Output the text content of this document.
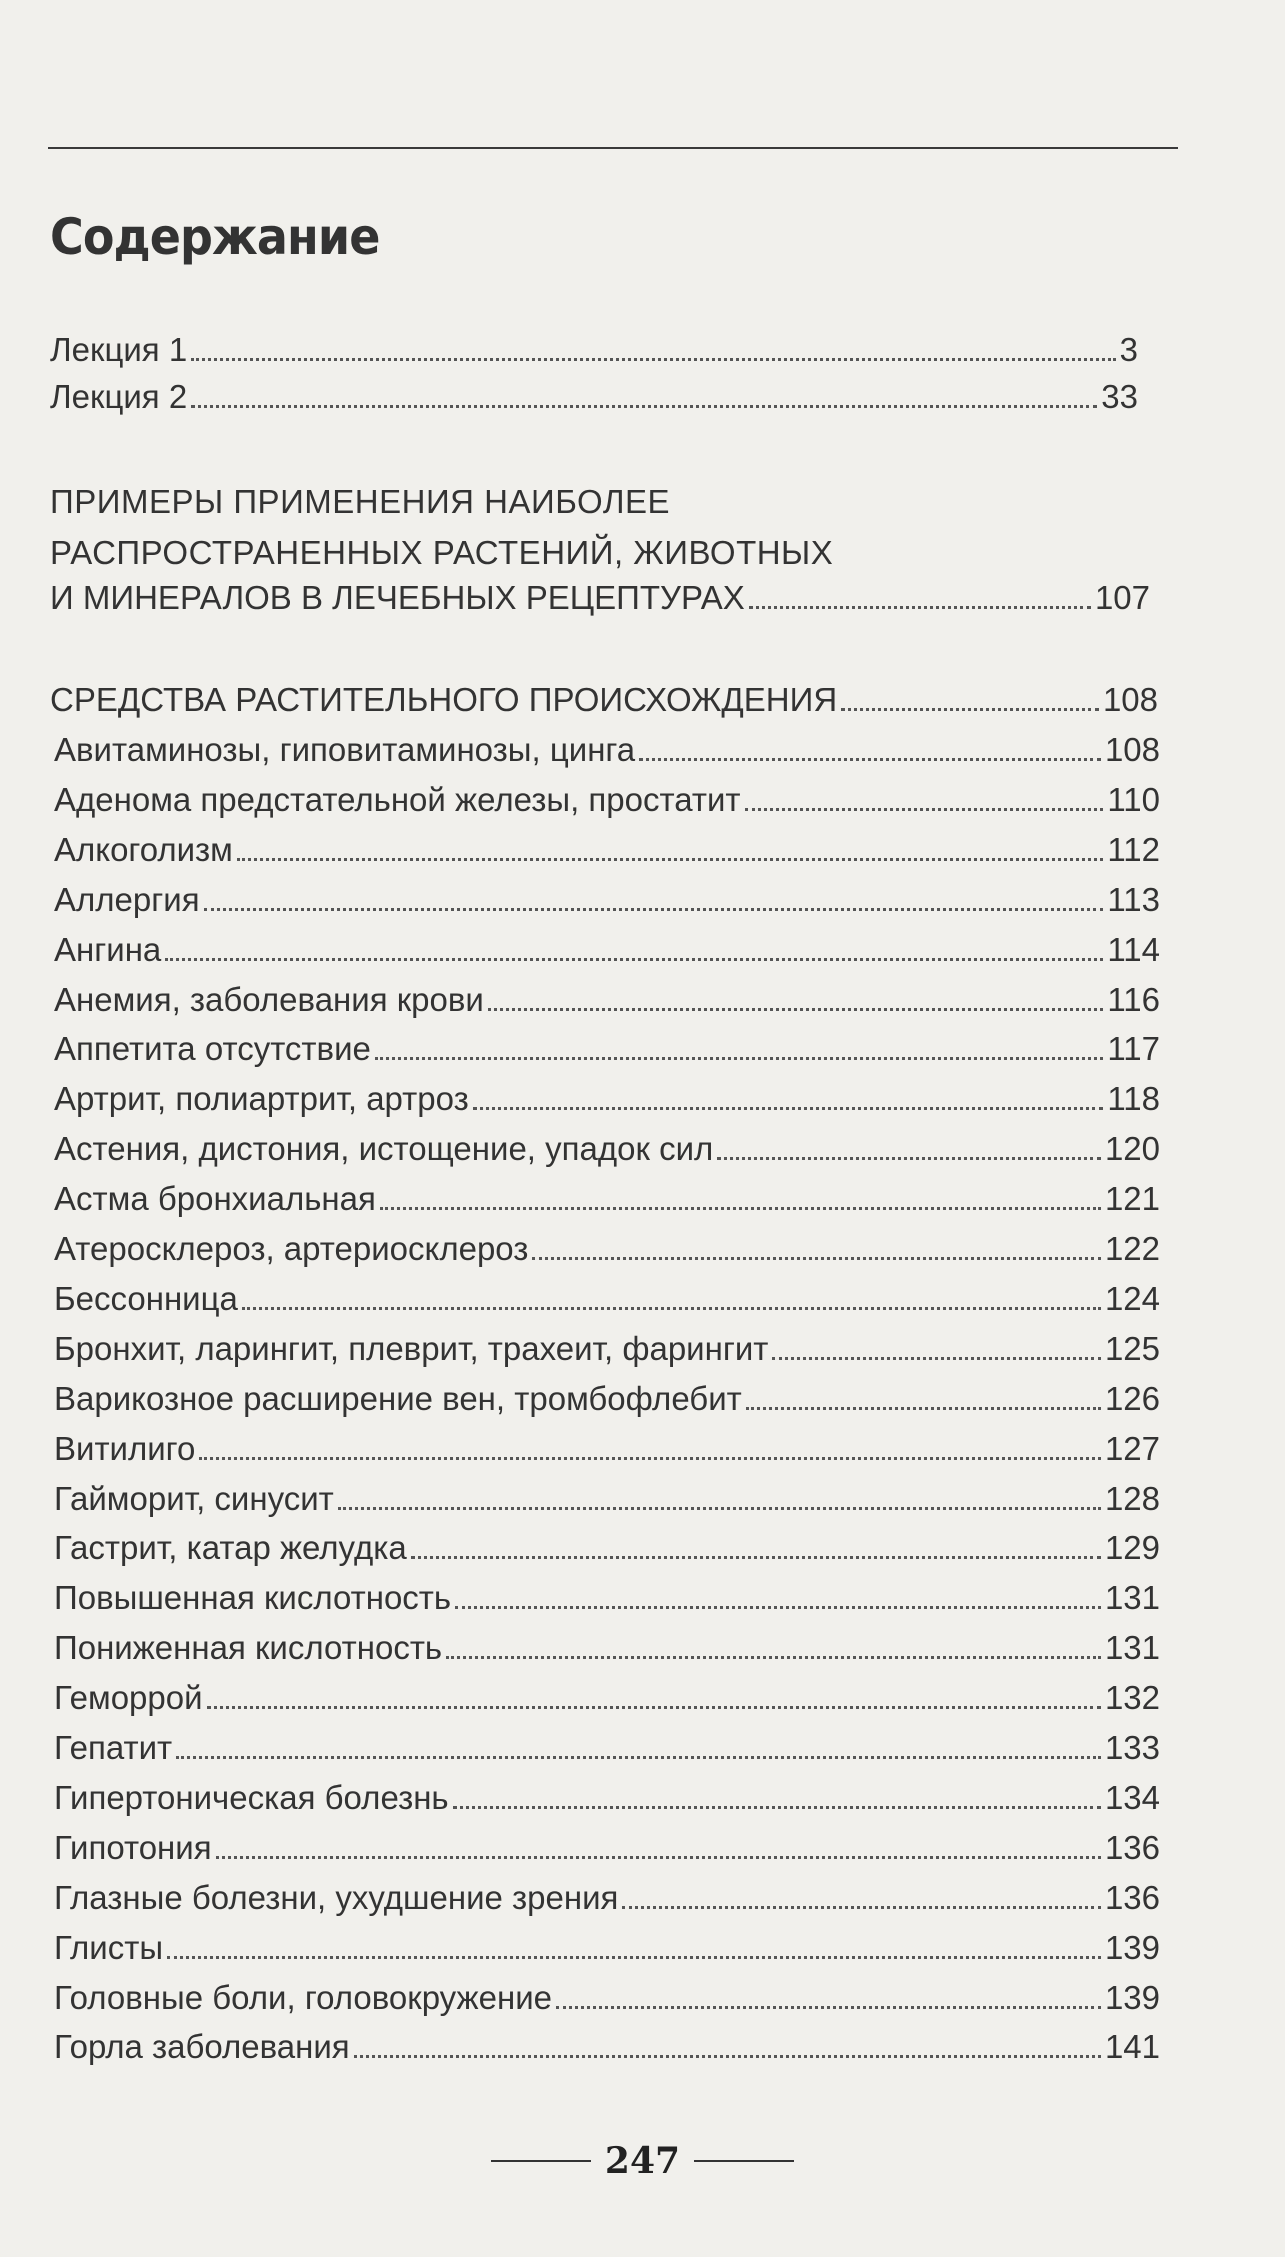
Содержание
Лекция 1	3
Лекция 2	33
ПРИМЕРЫ ПРИМЕНЕНИЯ НАИБОЛЕЕ
РАСПРОСТРАНЕННЫХ РАСТЕНИЙ, ЖИВОТНЫХ
И МИНЕРАЛОВ В ЛЕЧЕБНЫХ РЕЦЕПТУРАХ	107
СРЕДСТВА РАСТИТЕЛЬНОГО ПРОИСХОЖДЕНИЯ	108
Авитаминозы, гиповитаминозы, цинга	108
Аденома предстательной железы, простатит	110
Алкоголизм	112
Аллергия	113
Ангина	114
Анемия, заболевания крови	116
Аппетита отсутствие	117
Артрит, полиартрит, артроз	118
Астения, дистония, истощение, упадок сил	120
Астма бронхиальная	121
Атеросклероз, артериосклероз	122
Бессонница	124
Бронхит, ларингит, плеврит, трахеит, фарингит	125
Варикозное расширение вен, тромбофлебит	126
Витилиго	127
Гайморит, синусит	128
Гастрит, катар желудка	129
Повышенная кислотность	131
Пониженная кислотность	131
Геморрой	132
Гепатит	133
Гипертоническая болезнь	134
Гипотония	136
Глазные болезни, ухудшение зрения	136
Глисты	139
Головные боли, головокружение	139
Горла заболевания	141
247
